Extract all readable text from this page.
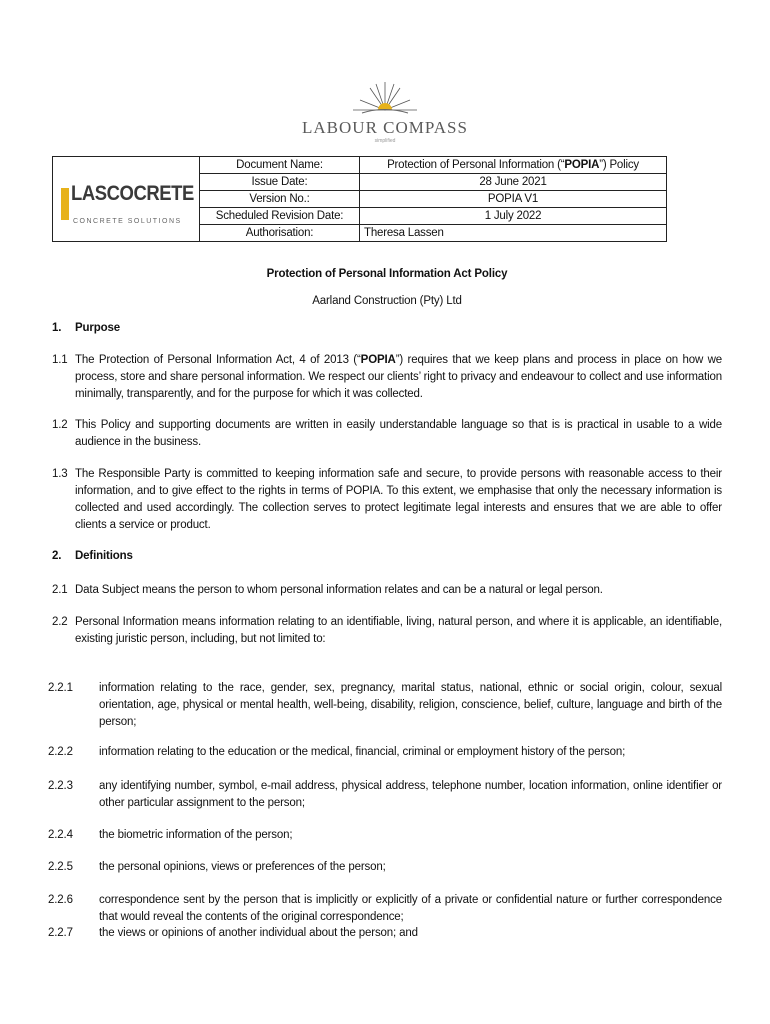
LABOUR COMPASS
simplified
LASCOCRETE
CONCRETE SOLUTIONS	Document Name:	Protection of Personal Information (“POPIA”) Policy
	Issue Date:	28 June 2021
	Version No.:	POPIA V1
	Scheduled Revision Date:	1 July 2022
	Authorisation:	Theresa Lassen
Protection of Personal Information Act Policy
Aarland Construction (Pty) Ltd
1. Purpose
1.1 The Protection of Personal Information Act, 4 of 2013 (“POPIA”) requires that we keep plans and process in place on how we process, store and share personal information. We respect our clients’ right to privacy and endeavour to collect and use information minimally, transparently, and for the purpose for which it was collected.
1.2 This Policy and supporting documents are written in easily understandable language so that is is practical in usable to a wide audience in the business.
1.3 The Responsible Party is committed to keeping information safe and secure, to provide persons with reasonable access to their information, and to give effect to the rights in terms of POPIA. To this extent, we emphasise that only the necessary information is collected and used accordingly. The collection serves to protect legitimate legal interests and ensures that we are able to offer clients a service or product.
2. Definitions
2.1 Data Subject means the person to whom personal information relates and can be a natural or legal person.
2.2 Personal Information means information relating to an identifiable, living, natural person, and where it is applicable, an identifiable, existing juristic person, including, but not limited to:
2.2.1 information relating to the race, gender, sex, pregnancy, marital status, national, ethnic or social origin, colour, sexual orientation, age, physical or mental health, well-being, disability, religion, conscience, belief, culture, language and birth of the person;
2.2.2 information relating to the education or the medical, financial, criminal or employment history of the person;
2.2.3 any identifying number, symbol, e-mail address, physical address, telephone number, location information, online identifier or other particular assignment to the person;
2.2.4 the biometric information of the person;
2.2.5 the personal opinions, views or preferences of the person;
2.2.6 correspondence sent by the person that is implicitly or explicitly of a private or confidential nature or further correspondence that would reveal the contents of the original correspondence;
2.2.7 the views or opinions of another individual about the person; and
